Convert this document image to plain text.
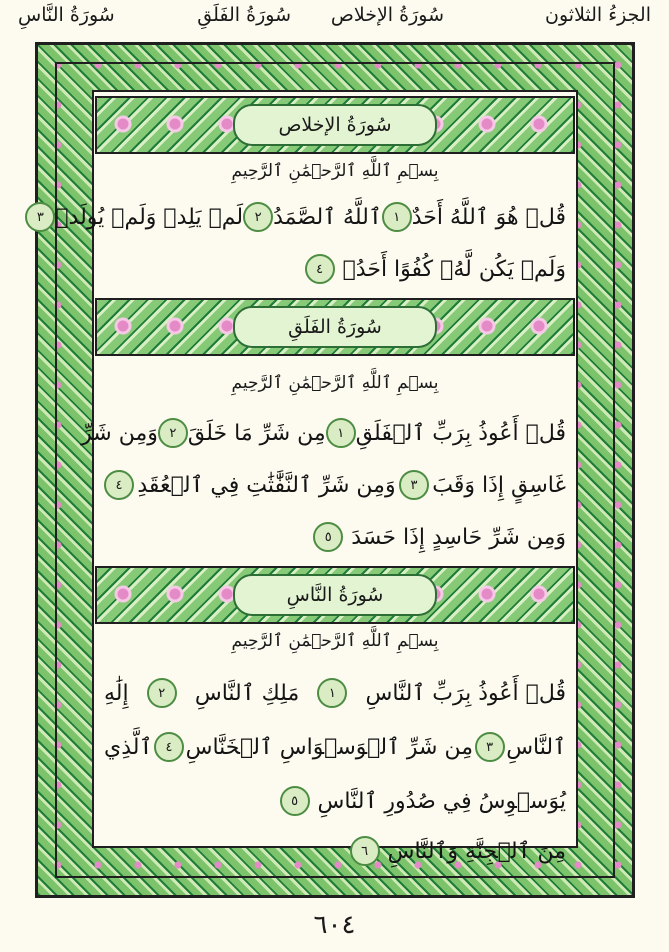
الجزءُ الثلاثون
سُورَةُ الإخلاص
سُورَةُ الفَلَقِ
سُورَةُ النَّاسِ
سُورَةُ الإخلاص
بِسۡمِ ٱللَّهِ ٱلرَّحۡمَٰنِ ٱلرَّحِيمِ
قُلۡ هُوَ ٱللَّهُ أَحَدٌ
١
ٱللَّهُ ٱلصَّمَدُ
٢
لَمۡ يَلِدۡ وَلَمۡ يُولَدۡ
٣
وَلَمۡ يَكُن لَّهُۥ كُفُوًا أَحَدُۢ
٤
سُورَةُ الفَلَقِ
بِسۡمِ ٱللَّهِ ٱلرَّحۡمَٰنِ ٱلرَّحِيمِ
قُلۡ أَعُوذُ بِرَبِّ ٱلۡفَلَقِ
١
مِن شَرِّ مَا خَلَقَ
٢
وَمِن شَرِّ
غَاسِقٍ إِذَا وَقَبَ
٣
وَمِن شَرِّ ٱلنَّفَّٰثَٰتِ فِي ٱلۡعُقَدِ
٤
وَمِن شَرِّ حَاسِدٍ إِذَا حَسَدَ
٥
سُورَةُ النَّاسِ
بِسۡمِ ٱللَّهِ ٱلرَّحۡمَٰنِ ٱلرَّحِيمِ
قُلۡ أَعُوذُ بِرَبِّ ٱلنَّاسِ
١
مَلِكِ ٱلنَّاسِ
٢
إِلَٰهِ
ٱلنَّاسِ
٣
مِن شَرِّ ٱلۡوَسۡوَاسِ ٱلۡخَنَّاسِ
٤
ٱلَّذِي
يُوَسۡوِسُ فِي صُدُورِ ٱلنَّاسِ
٥
مِنَ ٱلۡجِنَّةِ وَٱلنَّاسِ
٦
٦٠٤
